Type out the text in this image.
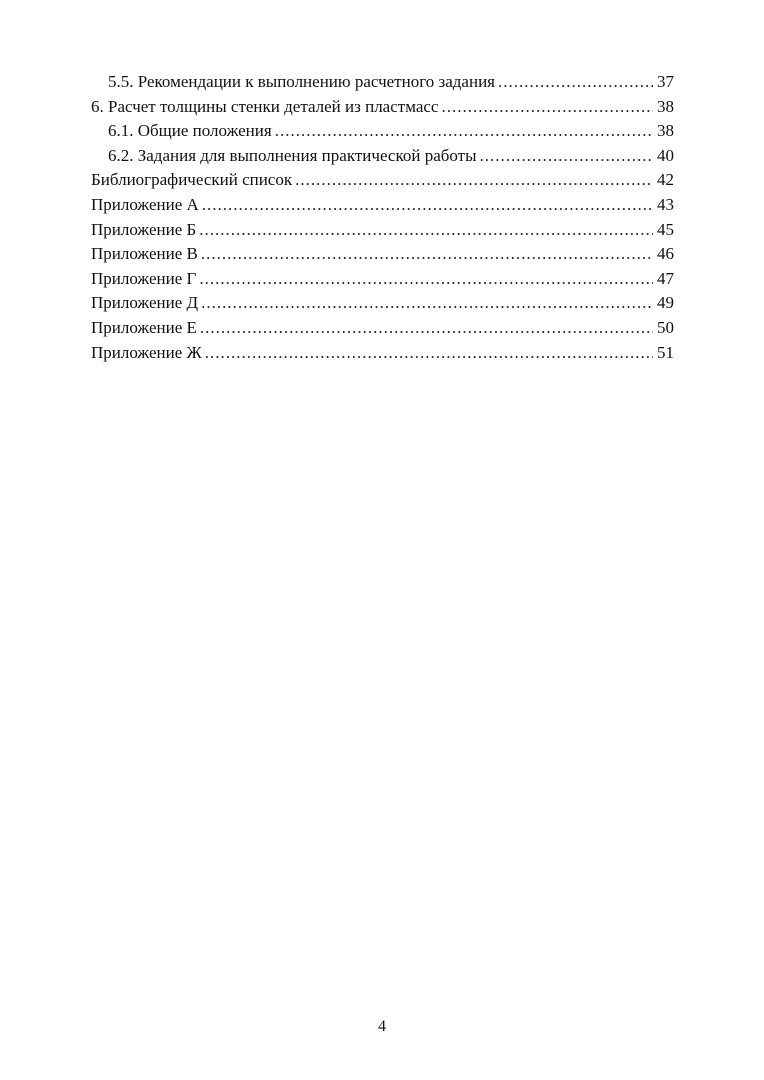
5.5. Рекомендации к выполнению расчетного задания .....	37
6. Расчет толщины стенки деталей из пластмасс .....	38
6.1. Общие положения .....	38
6.2. Задания для выполнения практической работы .....	40
Библиографический список .....	42
Приложение А .....	43
Приложение Б .....	45
Приложение В .....	46
Приложение Г .....	47
Приложение Д .....	49
Приложение Е .....	50
Приложение Ж .....	51
4
